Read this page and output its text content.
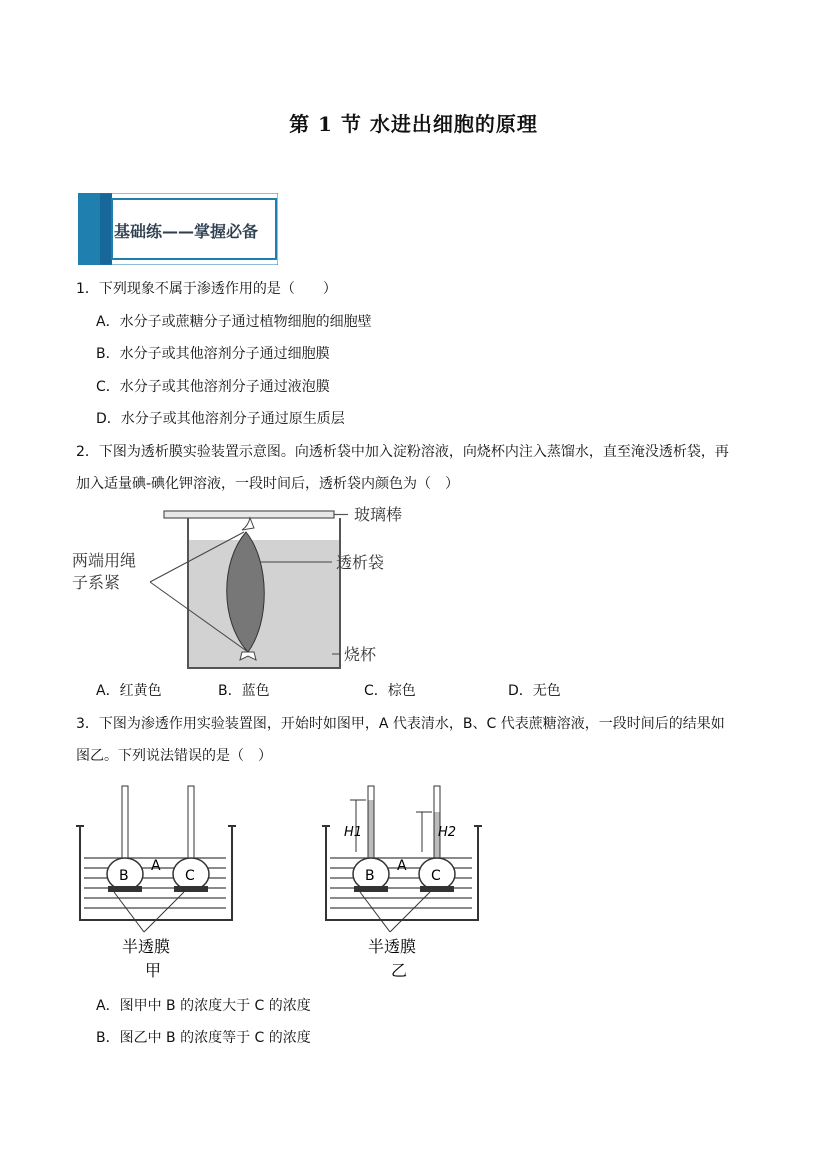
第 1 节 水进出细胞的原理
基础练——掌握必备
1．下列现象不属于渗透作用的是（　　）
A．水分子或蔗糖分子通过植物细胞的细胞壁
B．水分子或其他溶剂分子通过细胞膜
C．水分子或其他溶剂分子通过液泡膜
D．水分子或其他溶剂分子通过原生质层
2．下图为透析膜实验装置示意图。向透析袋中加入淀粉溶液，向烧杯内注入蒸馏水，直至淹没透析袋，再
加入适量碘-碘化钾溶液，一段时间后，透析袋内颜色为（　）
玻璃棒
透析袋
烧杯
两端用绳
子系紧
A．红黄色	B．蓝色	C．棕色	D．无色
3．下图为渗透作用实验装置图，开始时如图甲，A 代表清水，B、C 代表蔗糖溶液，一段时间后的结果如
图乙。下列说法错误的是（　）
B	C
A
半透膜
甲
H1	H2
B	C
A
半透膜
乙
A．图甲中 B 的浓度大于 C 的浓度
B．图乙中 B 的浓度等于 C 的浓度
